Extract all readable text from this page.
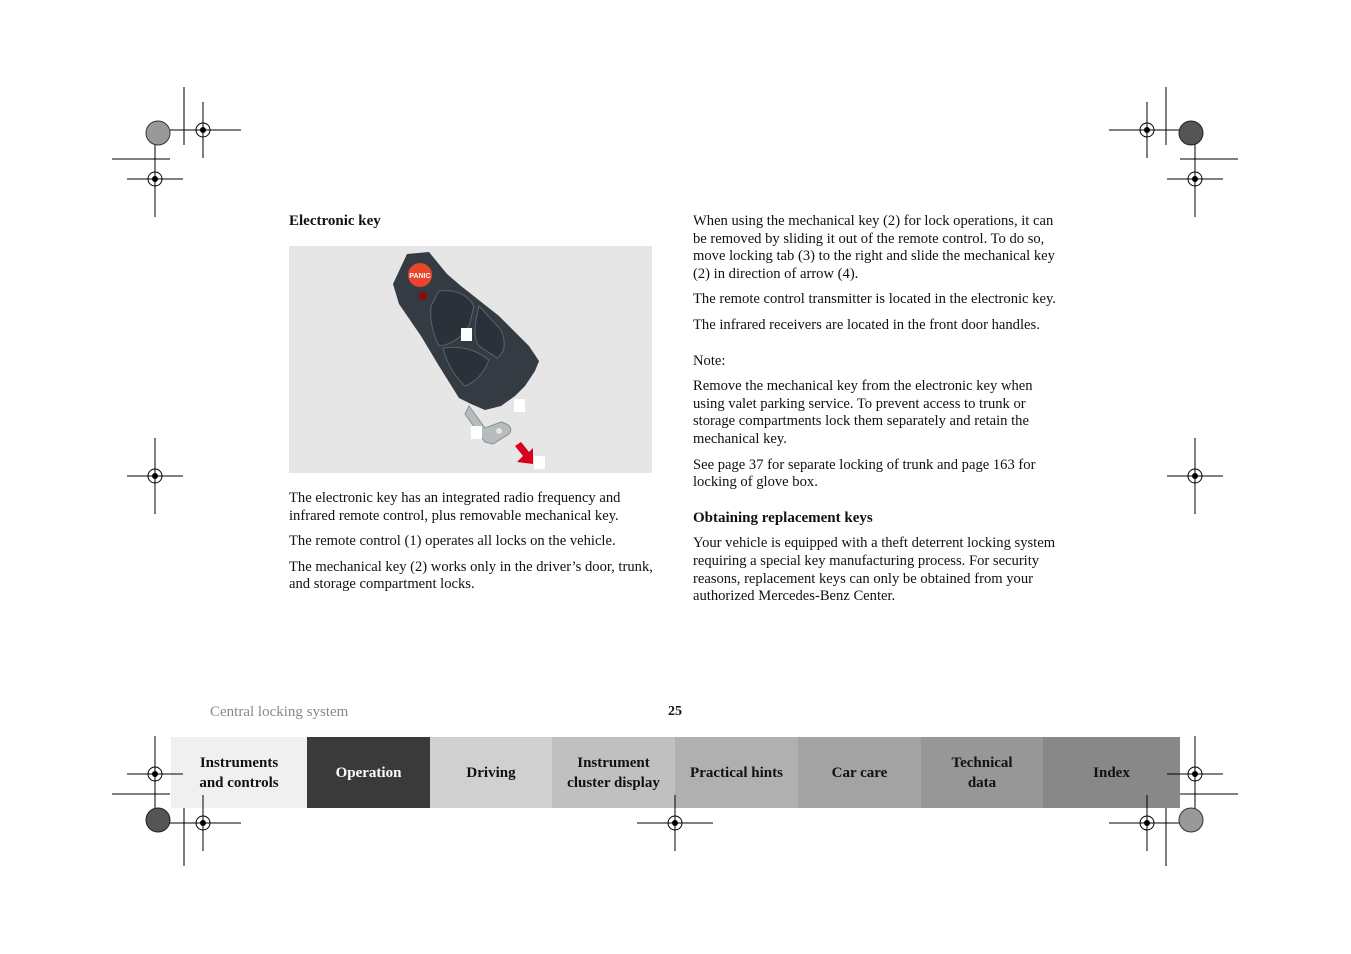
Electronic key
PANIC

The electronic key has an integrated radio frequency and infrared remote control, plus removable mechanical key.

The remote control (1) operates all locks on the vehicle.

The mechanical key (2) works only in the driver’s door, trunk, and storage compartment locks.

When using the mechanical key (2) for lock operations, it can be removed by sliding it out of the remote control. To do so, move locking tab (3) to the right and slide the mechanical key (2) in direction of arrow (4).

The remote control transmitter is located in the electronic key.

The infrared receivers are located in the front door handles.

Note:

Remove the mechanical key from the electronic key when using valet parking service. To prevent access to trunk or storage compartments lock them separately and retain the mechanical key.

See page 37 for separate locking of trunk and page 163 for locking of glove box.

Obtaining replacement keys

Your vehicle is equipped with a theft deterrent locking system requiring a special key manufacturing process. For security reasons, replacement keys can only be obtained from your authorized Mercedes-Benz Center.

Central locking system	25
Instruments and controls
Operation	Driving
Instrument cluster display
Practical hints	Car care
Technical data
Index
